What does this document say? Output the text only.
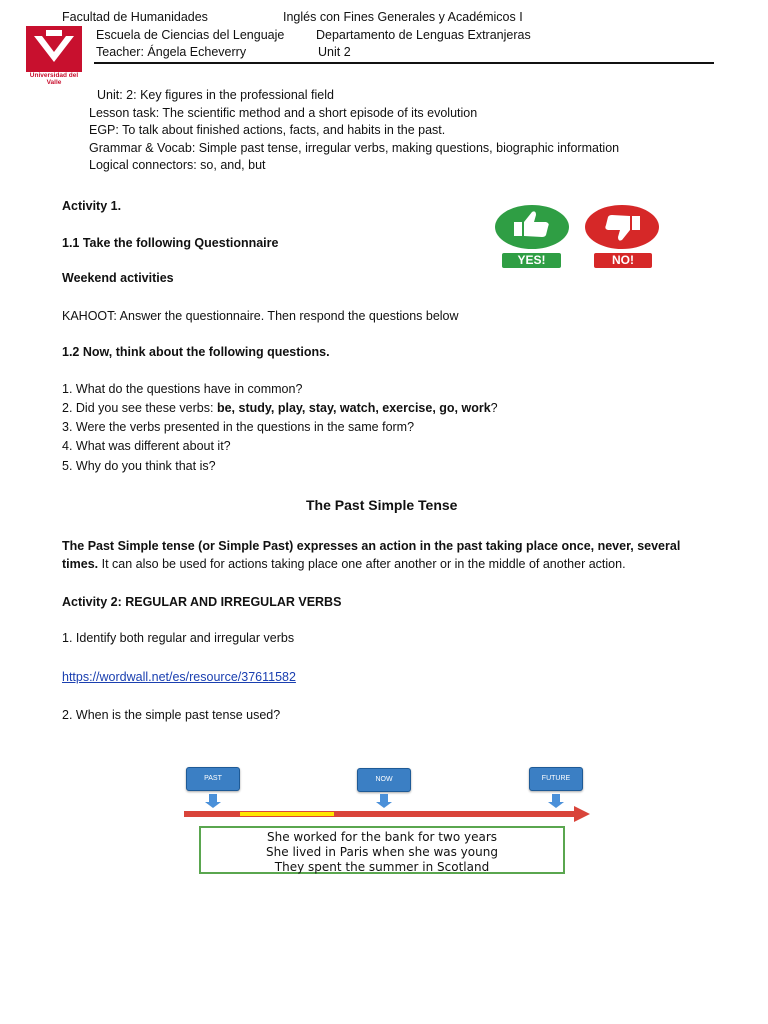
Universidad del Valle
Facultad de Humanidades	Inglés con Fines Generales y Académicos I
Escuela de Ciencias del Lenguaje	Departamento de Lenguas Extranjeras
Teacher: Ángela Echeverry	Unit 2
Unit: 2: Key figures in the professional field
Lesson task: The scientific method and a short episode of its evolution
EGP: To talk about finished actions, facts, and habits in the past.
Grammar & Vocab: Simple past tense, irregular verbs, making questions, biographic information
Logical connectors: so, and, but
Activity 1.
1.1 Take the following Questionnaire
Weekend activities
YES!	NO!
KAHOOT: Answer the questionnaire. Then respond the questions below
1.2 Now, think about the following questions.
1. What do the questions have in common?
2. Did you see these verbs: be, study, play, stay, watch, exercise, go, work?
3. Were the verbs presented in the questions in the same form?
4. What was different about it?
5. Why do you think that is?
The Past Simple Tense
The Past Simple tense (or Simple Past) expresses an action in the past taking place once, never, several times. It can also be used for actions taking place one after another or in the middle of another action.
Activity 2: REGULAR AND IRREGULAR VERBS
1. Identify both regular and irregular verbs
https://wordwall.net/es/resource/37611582
2. When is the simple past tense used?
PAST	NOW	FUTURE
She worked for the bank for two years
She lived in Paris when she was young
They spent the summer in Scotland
